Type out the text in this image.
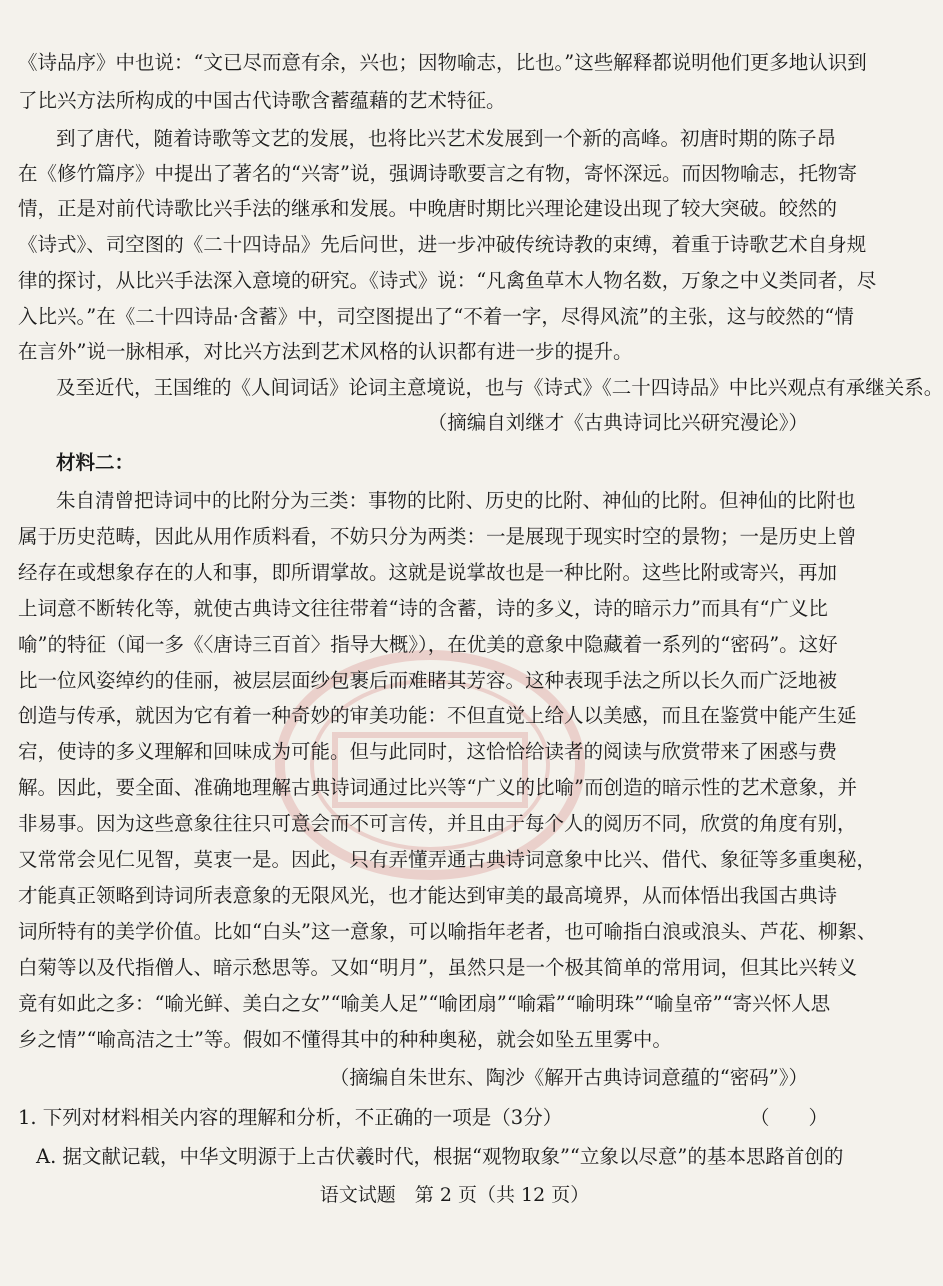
《诗品序》中也说：“文已尽而意有余，兴也；因物喻志，比也。”这些解释都说明他们更多地认识到
了比兴方法所构成的中国古代诗歌含蓄蕴藉的艺术特征。
到了唐代，随着诗歌等文艺的发展，也将比兴艺术发展到一个新的高峰。初唐时期的陈子昂
在《修竹篇序》中提出了著名的“兴寄”说，强调诗歌要言之有物，寄怀深远。而因物喻志，托物寄
情，正是对前代诗歌比兴手法的继承和发展。中晚唐时期比兴理论建设出现了较大突破。皎然的
《诗式》、司空图的《二十四诗品》先后问世，进一步冲破传统诗教的束缚，着重于诗歌艺术自身规
律的探讨，从比兴手法深入意境的研究。《诗式》说：“凡禽鱼草木人物名数，万象之中义类同者，尽
入比兴。”在《二十四诗品·含蓄》中，司空图提出了“不着一字，尽得风流”的主张，这与皎然的“情
在言外”说一脉相承，对比兴方法到艺术风格的认识都有进一步的提升。
及至近代，王国维的《人间词话》论词主意境说，也与《诗式》《二十四诗品》中比兴观点有承继关系。
（摘编自刘继才《古典诗词比兴研究漫论》）
材料二：
朱自清曾把诗词中的比附分为三类：事物的比附、历史的比附、神仙的比附。但神仙的比附也
属于历史范畴，因此从用作质料看，不妨只分为两类：一是展现于现实时空的景物；一是历史上曾
经存在或想象存在的人和事，即所谓掌故。这就是说掌故也是一种比附。这些比附或寄兴，再加
上词意不断转化等，就使古典诗文往往带着“诗的含蓄，诗的多义，诗的暗示力”而具有“广义比
喻”的特征（闻一多《〈唐诗三百首〉指导大概》），在优美的意象中隐藏着一系列的“密码”。这好
比一位风姿绰约的佳丽，被层层面纱包裹后而难睹其芳容。这种表现手法之所以长久而广泛地被
创造与传承，就因为它有着一种奇妙的审美功能：不但直觉上给人以美感，而且在鉴赏中能产生延
宕，使诗的多义理解和回味成为可能。但与此同时，这恰恰给读者的阅读与欣赏带来了困惑与费
解。因此，要全面、准确地理解古典诗词通过比兴等“广义的比喻”而创造的暗示性的艺术意象，并
非易事。因为这些意象往往只可意会而不可言传，并且由于每个人的阅历不同，欣赏的角度有别，
又常常会见仁见智，莫衷一是。因此，只有弄懂弄通古典诗词意象中比兴、借代、象征等多重奥秘，
才能真正领略到诗词所表意象的无限风光，也才能达到审美的最高境界，从而体悟出我国古典诗
词所特有的美学价值。比如“白头”这一意象，可以喻指年老者，也可喻指白浪或浪头、芦花、柳絮、
白菊等以及代指僧人、暗示愁思等。又如“明月”，虽然只是一个极其简单的常用词，但其比兴转义
竟有如此之多：“喻光鲜、美白之女”“喻美人足”“喻团扇”“喻霜”“喻明珠”“喻皇帝”“寄兴怀人思
乡之情”“喻高洁之士”等。假如不懂得其中的种种奥秘，就会如坠五里雾中。
（摘编自朱世东、陶沙《解开古典诗词意蕴的“密码”》）
1. 下列对材料相关内容的理解和分析，不正确的一项是（3分）	（　　）
A. 据文献记载，中华文明源于上古伏羲时代，根据“观物取象”“立象以尽意”的基本思路首创的
语文试题　第 2 页（共 12 页）
